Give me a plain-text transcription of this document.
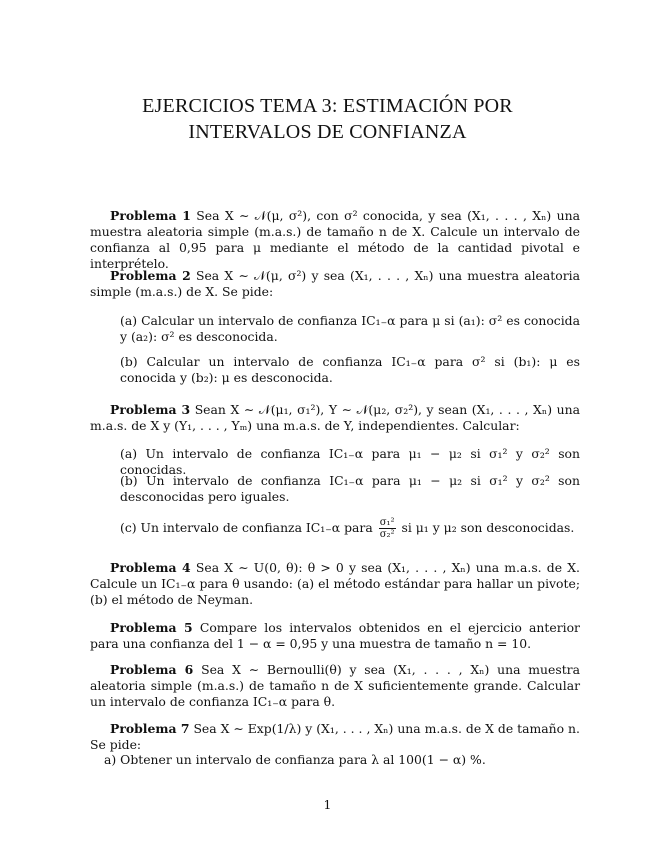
EJERCICIOS TEMA 3: ESTIMACIÓN POR
INTERVALOS DE CONFIANZA

Problema 1 Sea X ∼ 𝒩(μ, σ²), con σ² conocida, y sea (X₁, . . . , Xₙ) una muestra aleatoria simple (m.a.s.) de tamaño n de X. Calcule un intervalo de confianza al 0,95 para μ mediante el método de la cantidad pivotal e interprételo.

Problema 2 Sea X ∼ 𝒩(μ, σ²) y sea (X₁, . . . , Xₙ) una muestra aleatoria simple (m.a.s.) de X. Se pide:

(a) Calcular un intervalo de confianza IC₁₋α para μ si (a₁): σ² es conocida y (a₂): σ² es desconocida.
(b) Calcular un intervalo de confianza IC₁₋α para σ² si (b₁): μ es conocida y (b₂): μ es desconocida.

Problema 3 Sean X ∼ 𝒩(μ₁, σ₁²), Y ∼ 𝒩(μ₂, σ₂²), y sean (X₁, . . . , Xₙ) una m.a.s. de X y (Y₁, . . . , Yₘ) una m.a.s. de Y, independientes. Calcular:

(a) Un intervalo de confianza IC₁₋α para μ₁ − μ₂ si σ₁² y σ₂² son conocidas.
(b) Un intervalo de confianza IC₁₋α para μ₁ − μ₂ si σ₁² y σ₂² son desconocidas pero iguales.
(c) Un intervalo de confianza IC₁₋α para $\frac{\text{σ₁²}}{\text{σ₂²}}$ si μ₁ y μ₂ son desconocidas.

Problema 4 Sea X ∼ U(0, θ): θ > 0 y sea (X₁, . . . , Xₙ) una m.a.s. de X. Calcule un IC₁₋α para θ usando: (a) el método estándar para hallar un pivote; (b) el método de Neyman.

Problema 5 Compare los intervalos obtenidos en el ejercicio anterior para una confianza del 1 − α = 0,95 y una muestra de tamaño n = 10.

Problema 6 Sea X ∼ Bernoulli(θ) y sea (X₁, . . . , Xₙ) una muestra aleatoria simple (m.a.s.) de tamaño n de X suficientemente grande. Calcular un intervalo de confianza IC₁₋α para θ.

Problema 7 Sea X ∼ Exp(1/λ) y (X₁, . . . , Xₙ) una m.a.s. de X de tamaño n. Se pide:

a) Obtener un intervalo de confianza para λ al 100(1 − α) %.
1
